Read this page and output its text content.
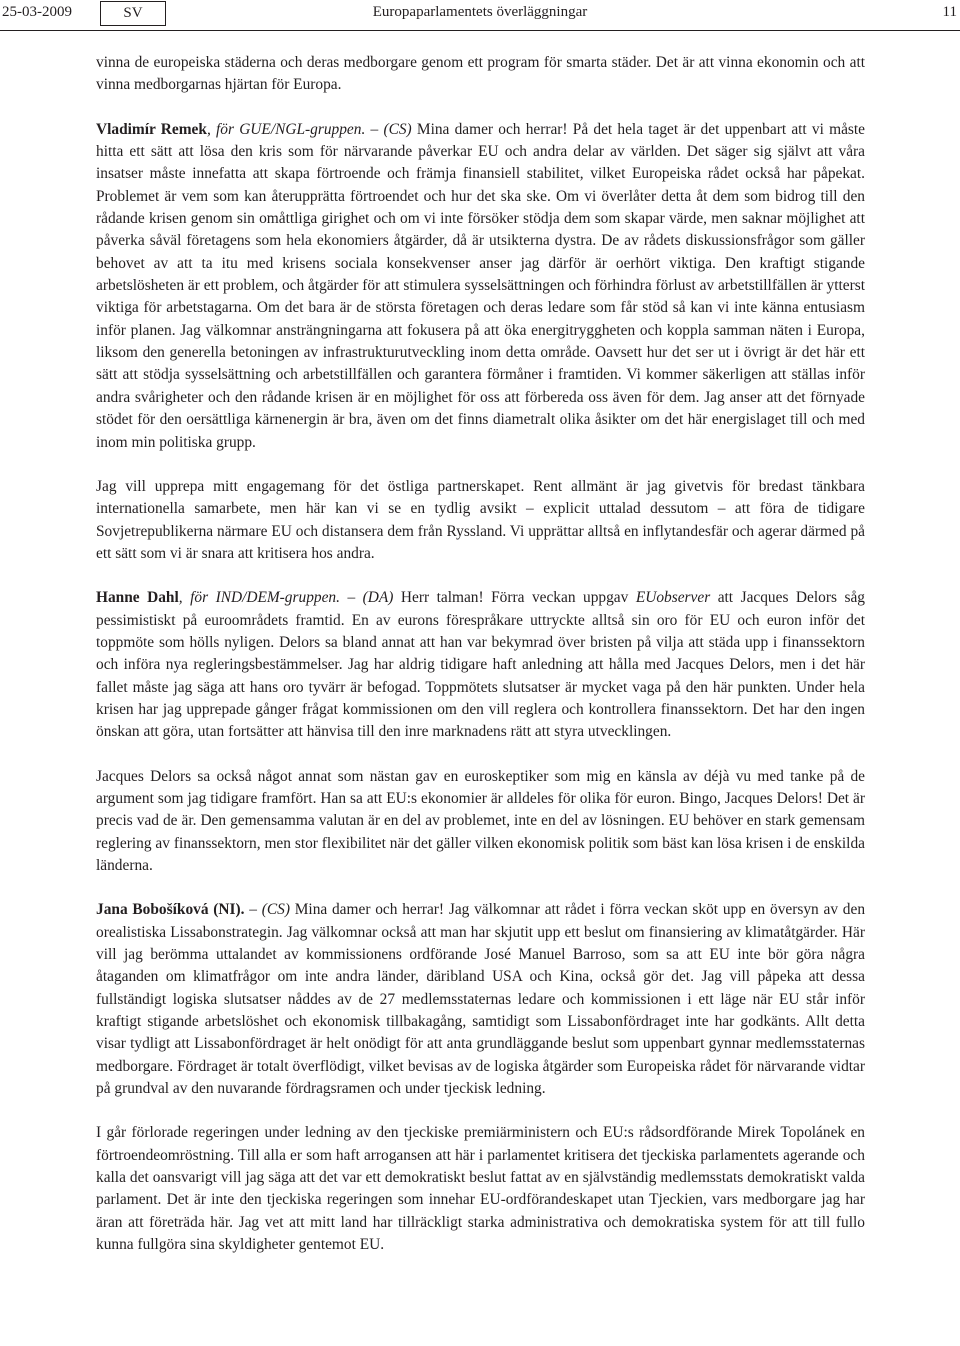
25-03-2009	SV	Europaparlamentets överläggningar	11

vinna de europeiska städerna och deras medborgare genom ett program för smarta städer. Det är att vinna ekonomin och att vinna medborgarnas hjärtan för Europa.

Vladimír Remek, för GUE/NGL-gruppen. – (CS) Mina damer och herrar! På det hela taget är det uppenbart att vi måste hitta ett sätt att lösa den kris som för närvarande påverkar EU och andra delar av världen. Det säger sig självt att våra insatser måste innefatta att skapa förtroende och främja finansiell stabilitet, vilket Europeiska rådet också har påpekat. Problemet är vem som kan återupprätta förtroendet och hur det ska ske. Om vi överlåter detta åt dem som bidrog till den rådande krisen genom sin omåttliga girighet och om vi inte försöker stödja dem som skapar värde, men saknar möjlighet att påverka såväl företagens som hela ekonomiers åtgärder, då är utsikterna dystra. De av rådets diskussionsfrågor som gäller behovet av att ta itu med krisens sociala konsekvenser anser jag därför är oerhört viktiga. Den kraftigt stigande arbetslösheten är ett problem, och åtgärder för att stimulera sysselsättningen och förhindra förlust av arbetstillfällen är ytterst viktiga för arbetstagarna. Om det bara är de största företagen och deras ledare som får stöd så kan vi inte känna entusiasm inför planen. Jag välkomnar ansträngningarna att fokusera på att öka energitryggheten och koppla samman näten i Europa, liksom den generella betoningen av infrastrukturutveckling inom detta område. Oavsett hur det ser ut i övrigt är det här ett sätt att stödja sysselsättning och arbetstillfällen och garantera förmåner i framtiden. Vi kommer säkerligen att ställas inför andra svårigheter och den rådande krisen är en möjlighet för oss att förbereda oss även för dem. Jag anser att det förnyade stödet för den oersättliga kärnenergin är bra, även om det finns diametralt olika åsikter om det här energislaget till och med inom min politiska grupp.

Jag vill upprepa mitt engagemang för det östliga partnerskapet. Rent allmänt är jag givetvis för bredast tänkbara internationella samarbete, men här kan vi se en tydlig avsikt – explicit uttalad dessutom – att föra de tidigare Sovjetrepublikerna närmare EU och distansera dem från Ryssland. Vi upprättar alltså en inflytandesfär och agerar därmed på ett sätt som vi är snara att kritisera hos andra.

Hanne Dahl, för IND/DEM-gruppen. – (DA) Herr talman! Förra veckan uppgav EUobserver att Jacques Delors såg pessimistiskt på euroområdets framtid. En av eurons förespråkare uttryckte alltså sin oro för EU och euron inför det toppmöte som hölls nyligen. Delors sa bland annat att han var bekymrad över bristen på vilja att städa upp i finanssektorn och införa nya regleringsbestämmelser. Jag har aldrig tidigare haft anledning att hålla med Jacques Delors, men i det här fallet måste jag säga att hans oro tyvärr är befogad. Toppmötets slutsatser är mycket vaga på den här punkten. Under hela krisen har jag upprepade gånger frågat kommissionen om den vill reglera och kontrollera finanssektorn. Det har den ingen önskan att göra, utan fortsätter att hänvisa till den inre marknadens rätt att styra utvecklingen.

Jacques Delors sa också något annat som nästan gav en euroskeptiker som mig en känsla av déjà vu med tanke på de argument som jag tidigare framfört. Han sa att EU:s ekonomier är alldeles för olika för euron. Bingo, Jacques Delors! Det är precis vad de är. Den gemensamma valutan är en del av problemet, inte en del av lösningen. EU behöver en stark gemensam reglering av finanssektorn, men stor flexibilitet när det gäller vilken ekonomisk politik som bäst kan lösa krisen i de enskilda länderna.

Jana Bobošíková (NI). – (CS) Mina damer och herrar! Jag välkomnar att rådet i förra veckan sköt upp en översyn av den orealistiska Lissabonstrategin. Jag välkomnar också att man har skjutit upp ett beslut om finansiering av klimatåtgärder. Här vill jag berömma uttalandet av kommissionens ordförande José Manuel Barroso, som sa att EU inte bör göra några åtaganden om klimatfrågor om inte andra länder, däribland USA och Kina, också gör det. Jag vill påpeka att dessa fullständigt logiska slutsatser nåddes av de 27 medlemsstaternas ledare och kommissionen i ett läge när EU står inför kraftigt stigande arbetslöshet och ekonomisk tillbakagång, samtidigt som Lissabonfördraget inte har godkänts. Allt detta visar tydligt att Lissabonfördraget är helt onödigt för att anta grundläggande beslut som uppenbart gynnar medlemsstaternas medborgare. Fördraget är totalt överflödigt, vilket bevisas av de logiska åtgärder som Europeiska rådet för närvarande vidtar på grundval av den nuvarande fördragsramen och under tjeckisk ledning.

I går förlorade regeringen under ledning av den tjeckiske premiärministern och EU:s rådsordförande Mirek Topolánek en förtroendeomröstning. Till alla er som haft arrogansen att här i parlamentet kritisera det tjeckiska parlamentets agerande och kalla det oansvarigt vill jag säga att det var ett demokratiskt beslut fattat av en självständig medlemsstats demokratiskt valda parlament. Det är inte den tjeckiska regeringen som innehar EU-ordförandeskapet utan Tjeckien, vars medborgare jag har äran att företräda här. Jag vet att mitt land har tillräckligt starka administrativa och demokratiska system för att till fullo kunna fullgöra sina skyldigheter gentemot EU.
